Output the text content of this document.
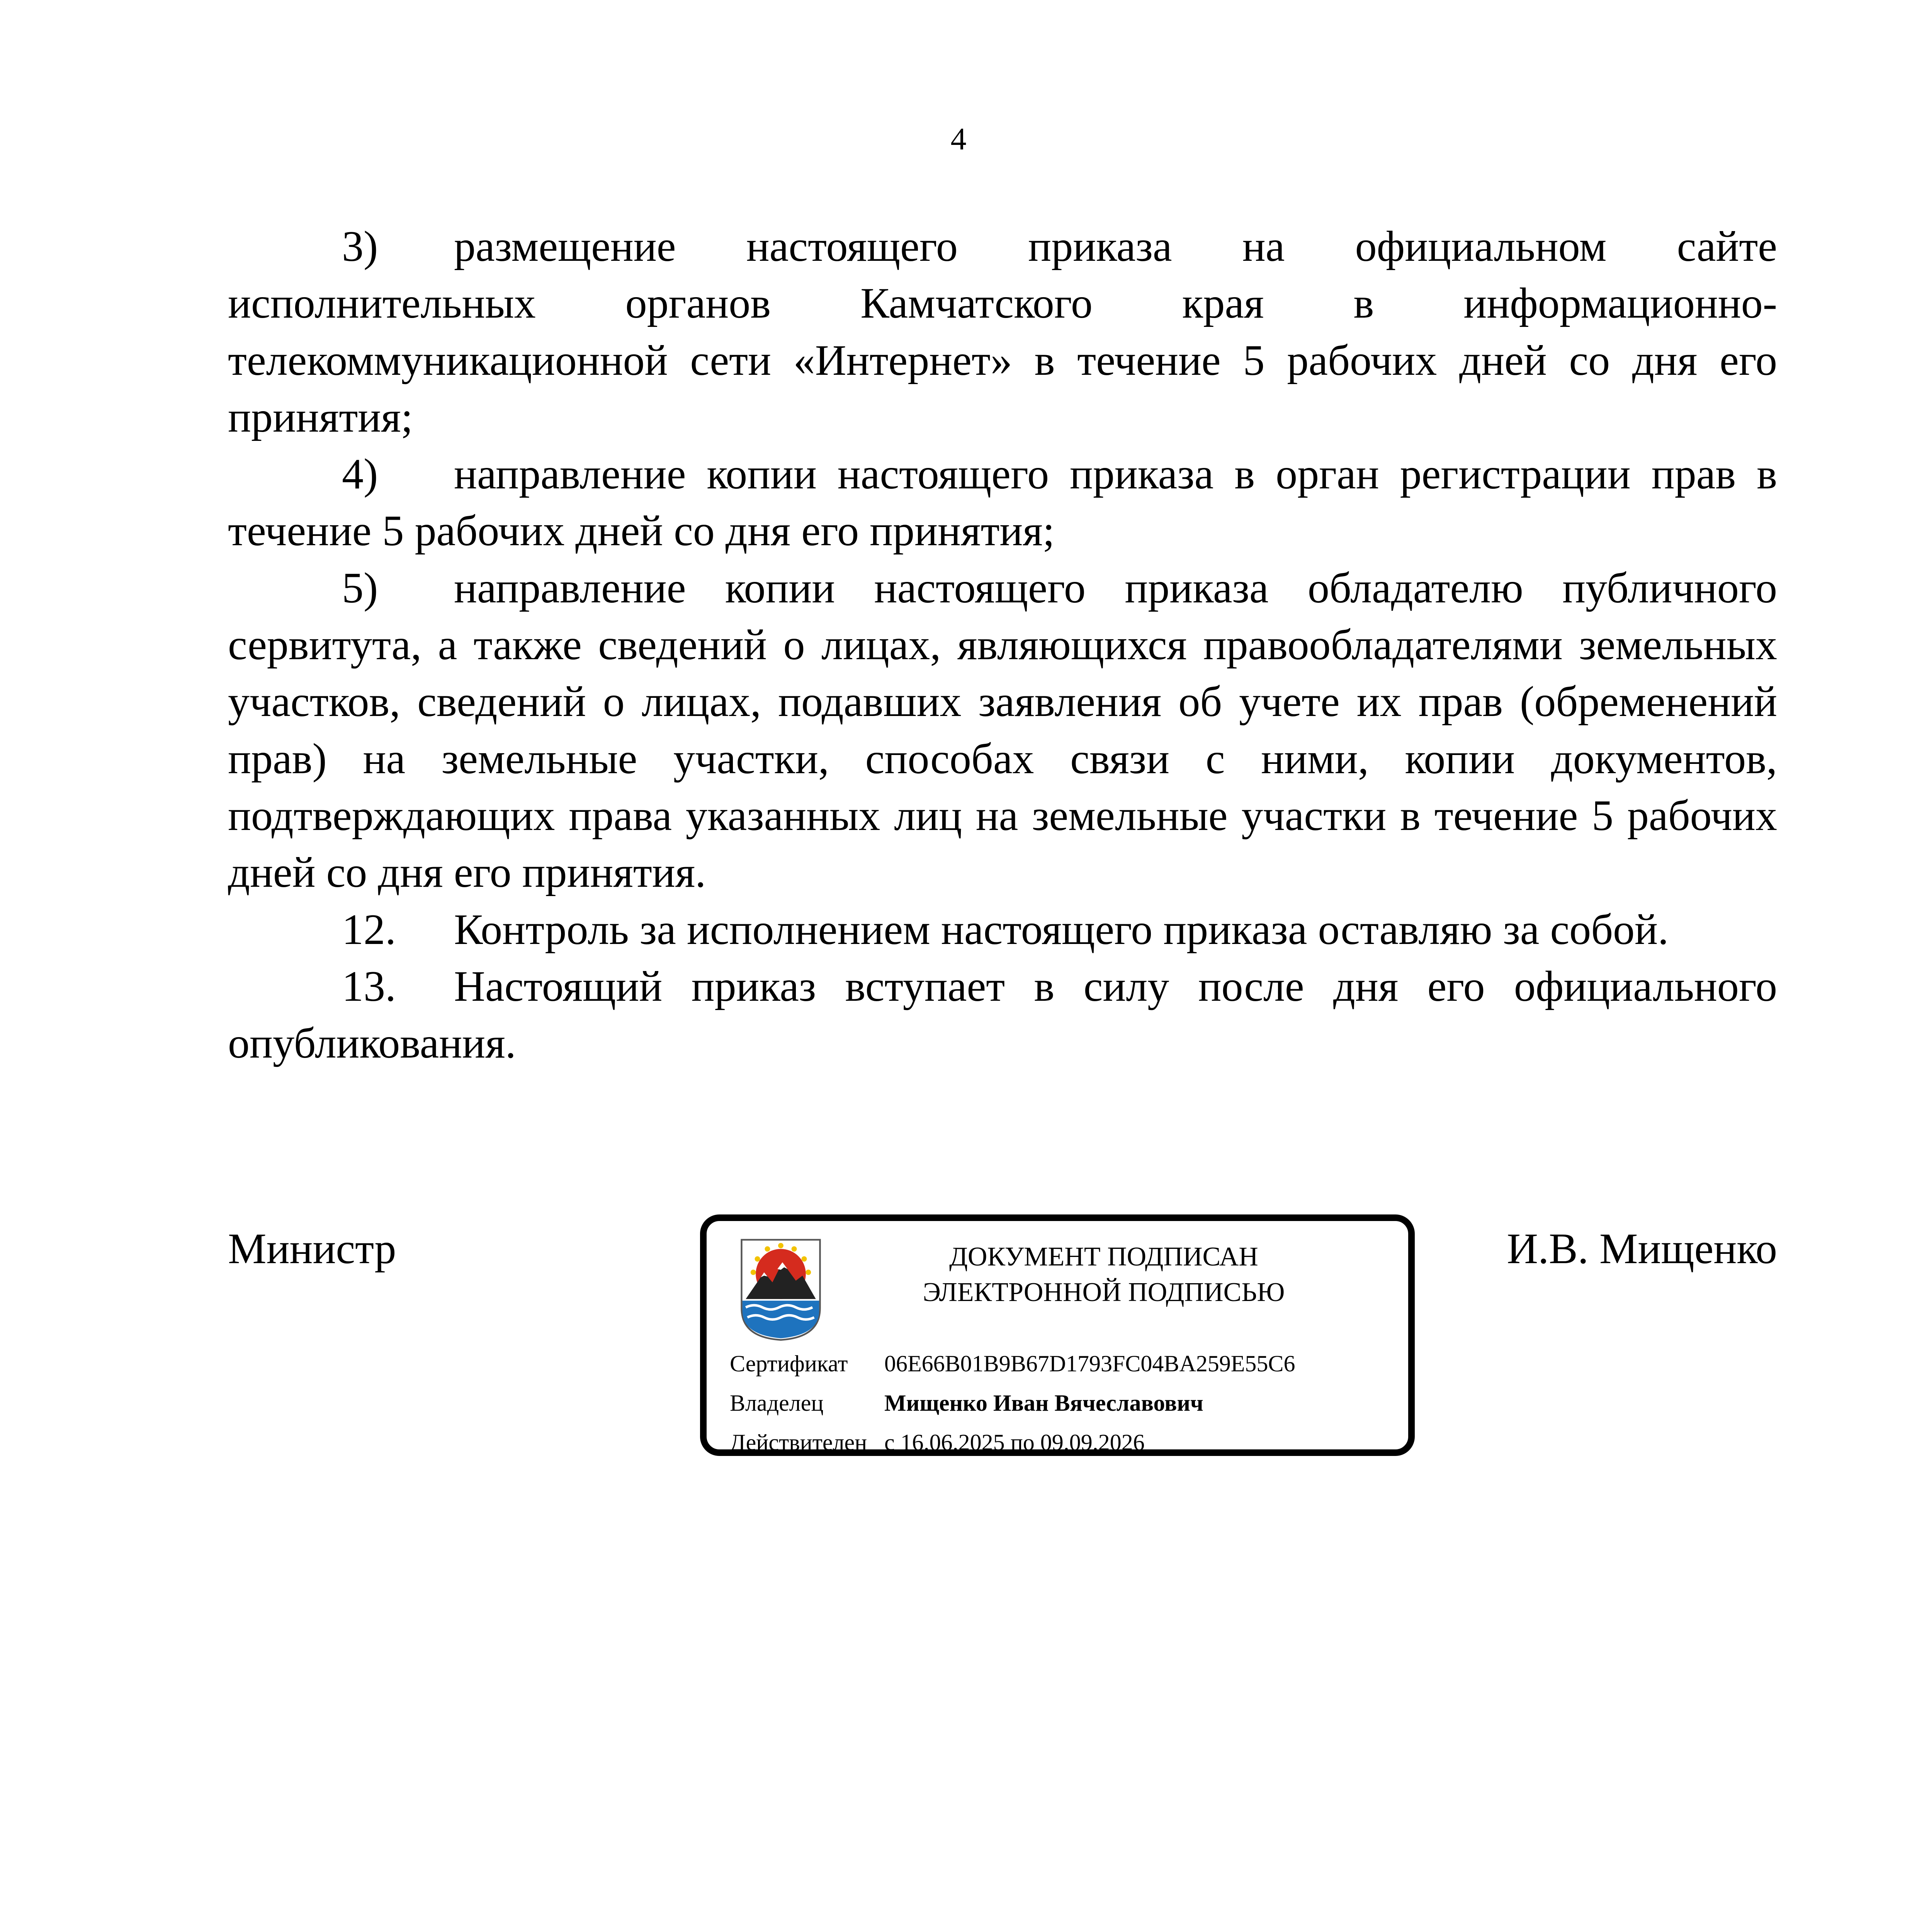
4

3) размещение настоящего приказа на официальном сайте исполнительных органов Камчатского края в информационно-телекоммуникационной сети «Интернет» в течение 5 рабочих дней со дня его принятия;

4) направление копии настоящего приказа в орган регистрации прав в течение 5 рабочих дней со дня его принятия;

5) направление копии настоящего приказа обладателю публичного сервитута, а также сведений о лицах, являющихся правообладателями земельных участков, сведений о лицах, подавших заявления об учете их прав (обременений прав) на земельные участки, способах связи с ними, копии документов, подтверждающих права указанных лиц на земельные участки в течение 5 рабочих дней со дня его принятия.

12. Контроль за исполнением настоящего приказа оставляю за собой.

13. Настоящий приказ вступает в силу после дня его официального опубликования.

Министр	И.В. Мищенко
ДОКУМЕНТ ПОДПИСАН
ЭЛЕКТРОННОЙ ПОДПИСЬЮ
Сертификат 06E66B01B9B67D1793FC04BA259E55C6
Владелец	Мищенко Иван Вячеславович
Действителен с 16.06.2025 по 09.09.2026
